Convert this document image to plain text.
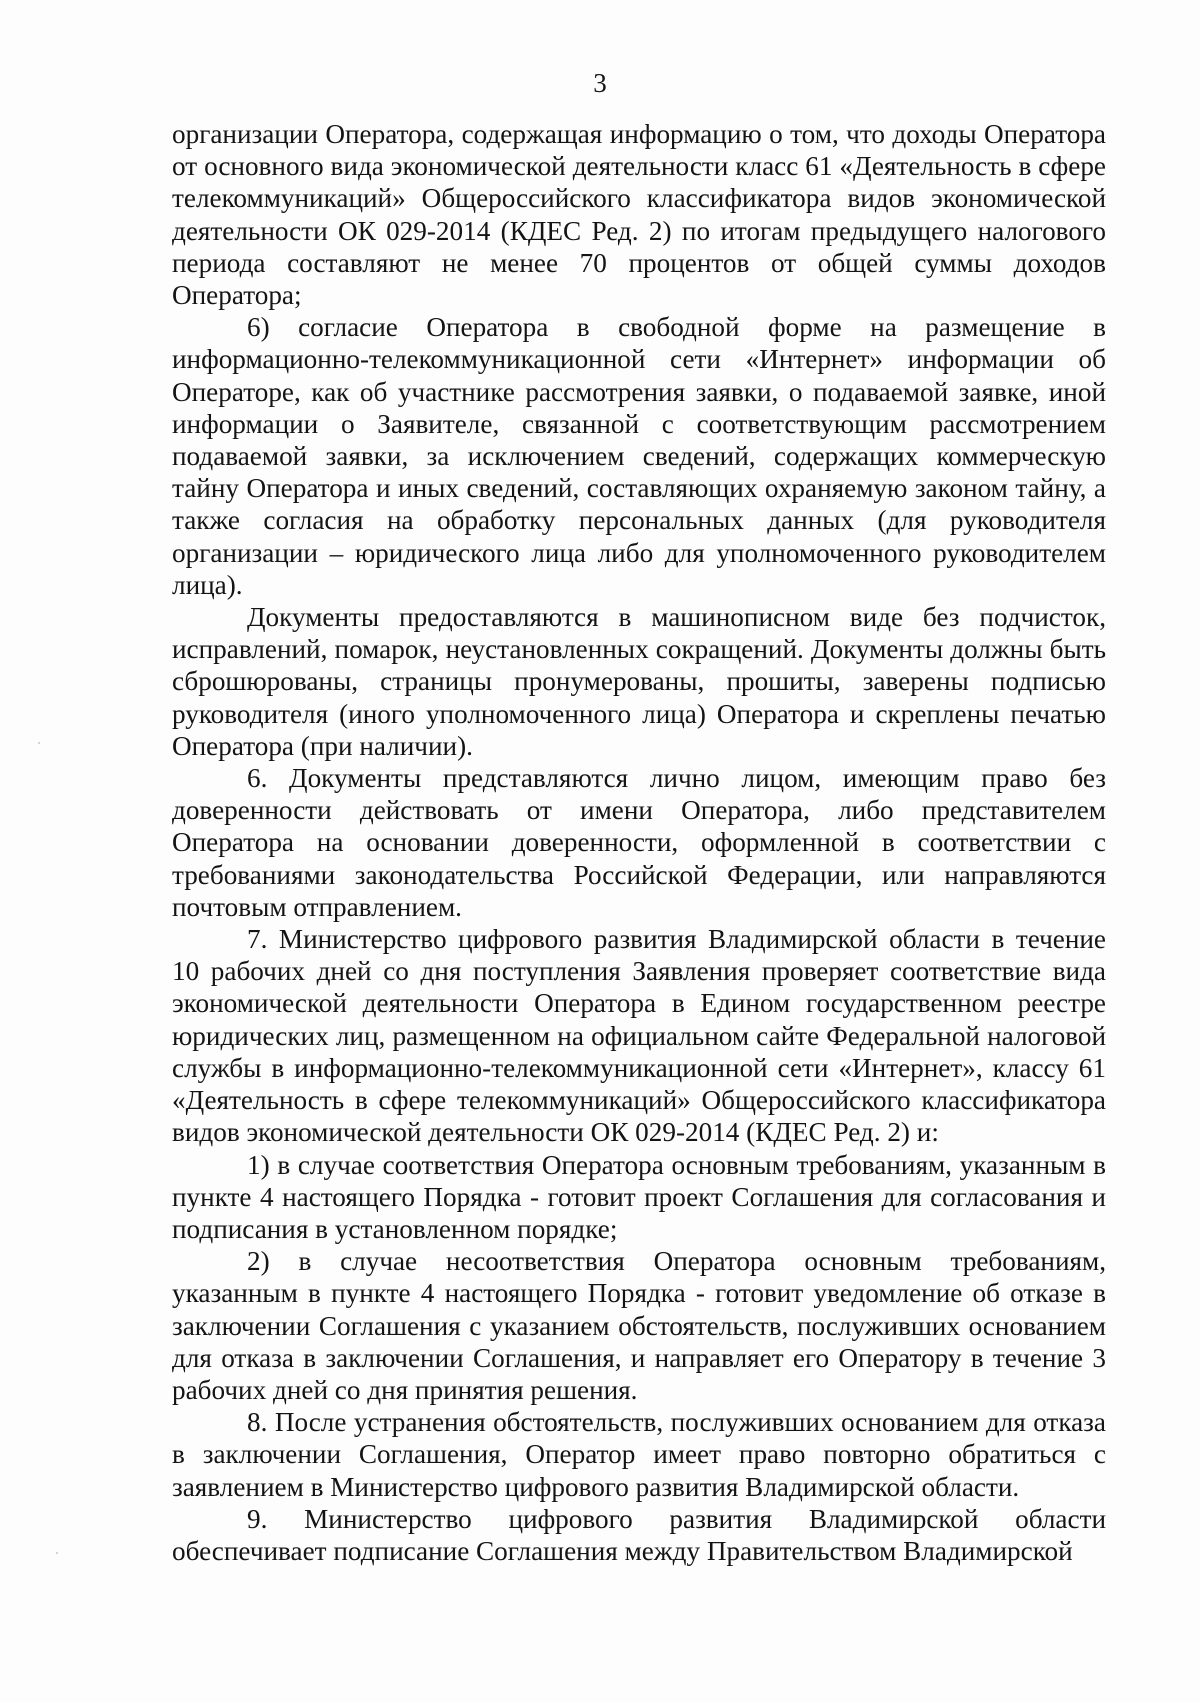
3

организации Оператора, содержащая информацию о том, что доходы Оператора от основного вида экономической деятельности класс 61 «Деятельность в сфере телекоммуникаций» Общероссийского классификатора видов экономической деятельности ОК 029-2014 (КДЕС Ред. 2) по итогам предыдущего налогового периода составляют не менее 70 процентов от общей суммы доходов Оператора;

6) согласие Оператора в свободной форме на размещение в информационно-телекоммуникационной сети «Интернет» информации об Операторе, как об участнике рассмотрения заявки, о подаваемой заявке, иной информации о Заявителе, связанной с соответствующим рассмотрением подаваемой заявки, за исключением сведений, содержащих коммерческую тайну Оператора и иных сведений, составляющих охраняемую законом тайну, а также согласия на обработку персональных данных (для руководителя организации – юридического лица либо для уполномоченного руководителем лица).

Документы предоставляются в машинописном виде без подчисток, исправлений, помарок, неустановленных сокращений. Документы должны быть сброшюрованы, страницы пронумерованы, прошиты, заверены подписью руководителя (иного уполномоченного лица) Оператора и скреплены печатью Оператора (при наличии).

6. Документы представляются лично лицом, имеющим право без доверенности действовать от имени Оператора, либо представителем Оператора на основании доверенности, оформленной в соответствии с требованиями законодательства Российской Федерации, или направляются почтовым отправлением.

7. Министерство цифрового развития Владимирской области в течение 10 рабочих дней со дня поступления Заявления проверяет соответствие вида экономической деятельности Оператора в Едином государственном реестре юридических лиц, размещенном на официальном сайте Федеральной налоговой службы в информационно-телекоммуникационной сети «Интернет», классу 61 «Деятельность в сфере телекоммуникаций» Общероссийского классификатора видов экономической деятельности ОК 029-2014 (КДЕС Ред. 2) и:

1) в случае соответствия Оператора основным требованиям, указанным в пункте 4 настоящего Порядка - готовит проект Соглашения для согласования и подписания в установленном порядке;

2) в случае несоответствия Оператора основным требованиям, указанным в пункте 4 настоящего Порядка - готовит уведомление об отказе в заключении Соглашения с указанием обстоятельств, послуживших основанием для отказа в заключении Соглашения, и направляет его Оператору в течение 3 рабочих дней со дня принятия решения.

8. После устранения обстоятельств, послуживших основанием для отказа в заключении Соглашения, Оператор имеет право повторно обратиться с заявлением в Министерство цифрового развития Владимирской области.

9. Министерство цифрового развития Владимирской области обеспечивает подписание Соглашения между Правительством Владимирской
